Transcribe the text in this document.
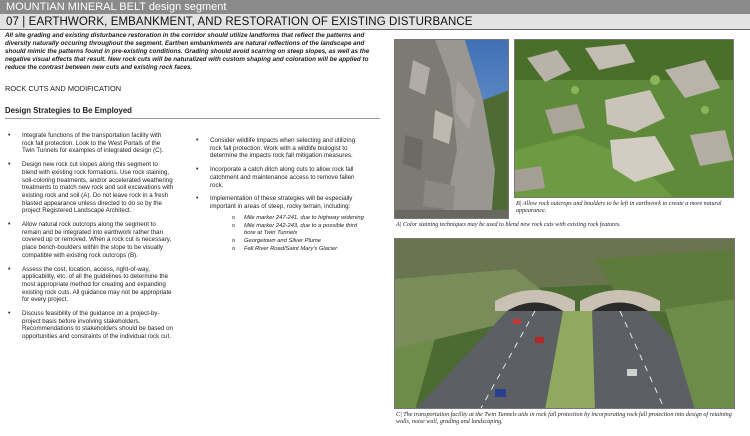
MOUNTIAN MINERAL BELT design segment
07 | EARTHWORK, EMBANKMENT, AND RESTORATION OF EXISTING DISTURBANCE

All site grading and existing disturbance restoration in the corridor should utilize landforms that reflect the patterns and diversity naturally occuring throughout the segment. Earthen embankments are natural reflections of the landscape and should mimic the patterns found in pre-existing conditions. Grading should avoid scarring on steep slopes, as well as the negative visual effects that result. New rock cuts will be naturalized with custom shaping and coloration will be applied to reduce the contrast between new cuts and existing rock faces.

ROCK CUTS AND MODIFICATION
Design Strategies to Be Employed
• Integrate functions of the transportation facility with rock fall protection. Look to the West Portals of the Twin Tunnels for examples of integrated design (C).
• Design new rock cut slopes along this segment to blend with existing rock formations. Use rock staining, soil-coloring treatments, and/or accelerated weathering treatments to match new rock and soil excavations with existing rock and soil (A). Do not leave rock in a fresh blasted appearance unless directed to do so by the project Registered Landscape Architect.
• Allow natural rock outcrops along the segment to remain and be integrated into earthwork rather than covered up or removed. When a rock cut is necessary, place bench-boulders within the slope to be visually compatible with existing rock outcrops (B).
• Assess the cost, location, access, right-of-way, applicability, etc. of all the guidelines to determine the most appropriate method for creating and expanding existing rock cuts. All guidance may not be appropriate for every project.
• Discuss feasibility of the guidance on a project-by-project basis before involving stakeholders. Recommendations to stakeholders should be based on opportunities and constraints of the individual rock cut.
• Consider wildlife impacts when selecting and utilizing rock fall protection. Work with a wildlife biologist to determine the impacts rock fall mitigation measures.
• Incorporate a catch ditch along cuts to allow rock fall catchment and maintenance access to remove fallen rock.
• Implementation of these strategies will be especially important in areas of steep, rocky terrain, including:
o Mile marker 247-241, due to highway widening
o Mile marker 242-243, due to a possible third bore at Twin Tunnels
o Georgetown and Silver Plume
o Fall River Road/Saint Mary's Glacier
A| Color staining techniques may be used to blend new rock cuts with existing rock features.
B| Allow rock outcrops and boulders to be left in earthwork to create a more natural appearance.
C| The transportation facility at the Twin Tunnels aids in rock fall protection by incorporating rock fall protection into design of retaining walls, noise wall, grading and landscaping.
